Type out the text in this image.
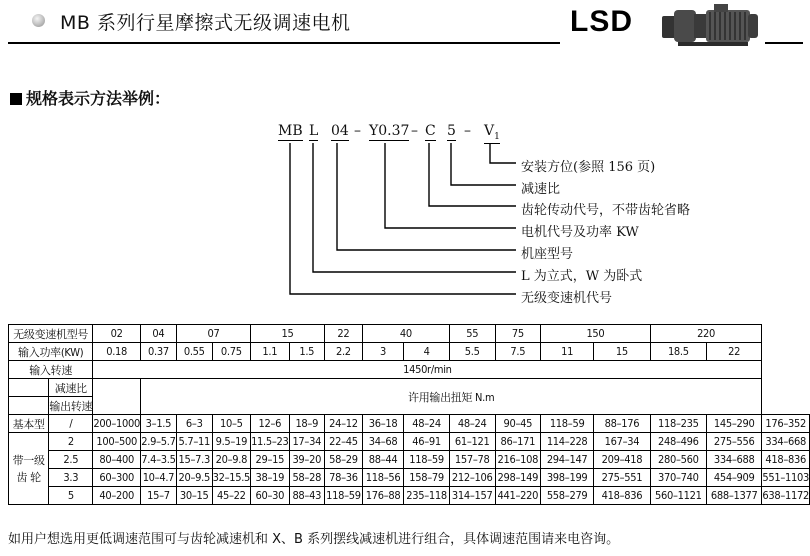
MB 系列行星摩擦式无级调速电机	LSD
规格表示方法举例：
MB L 04 – Y0.37 – C $5 - V_1$
安装方位(参照 156 页)
减速比
齿轮传动代号，不带齿轮省略
电机代号及功率 KW
机座型号
L 为立式，W 为卧式
无级变速机代号
无级变速机型号		02	04	07		15		22	40		55	75	150		220		
输入功率(KW)		0.18	0.37	0.55	0.75	1.1	1.5	2.2	3	4	5.5	7.5	11	15	18.5	22	
输入转速		1450r/min															
	减速比		许用输出扭矩 N.m														
	输出转速																
基本型	/	200–1000	3–1.5	6–3	10–5	12–6	18–9	24–12	36–18	48–24	48–24	90–45	118–59	88–176	118–235	145–290	176–352

带一级
齿 轮	2	100–500	2.9–5.7	5.7–11	9.5–19	11.5–23	17–34	22–45	34–68	46–91	61–121	86–171	114–228	167–34	248–496	275–556	334–668
	2.5	80–400	7.4–3.5	15–7.3	20–9.8	29–15	39–20	58–29	88–44	118–59	157–78	216–108	294–147	209–418	280–560	334–688	418–836
	3.3	60–300	10–4.7	20–9.5	32–15.5	38–19	58–28	78–36	118–56	158–79	212–106	298–149	398–199	275–551	370–740	454–909	551–1103
	5	40–200	15–7	30–15	45–22	60–30	88–43	118–59	176–88	235–118	314–157	441–220	558–279	418–836	560–1121	688–1377	638–1172
如用户想选用更低调速范围可与齿轮减速机和 X、B 系列摆线减速机进行组合，具体调速范围请来电咨询。
